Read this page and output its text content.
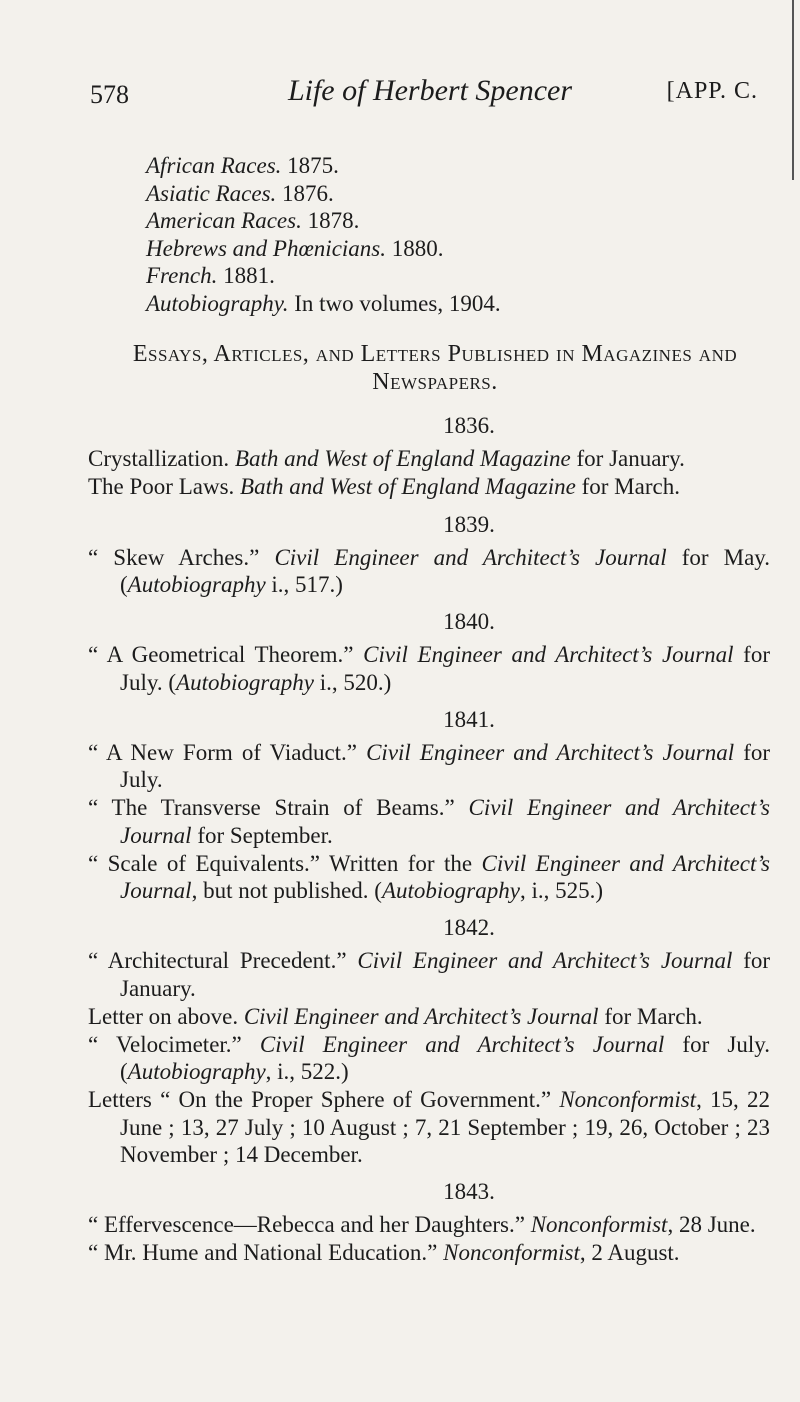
578	Life of Herbert Spencer	[APP. C.
African Races. 1875.
Asiatic Races. 1876.
American Races. 1878.
Hebrews and Phœnicians. 1880.
French. 1881.
Autobiography. In two volumes, 1904.
Essays, Articles, and Letters Published in Magazines and
Newspapers.
1836.

Crystallization. Bath and West of England Magazine for January.

The Poor Laws. Bath and West of England Magazine for March.

1839.

“ Skew Arches.” Civil Engineer and Architect’s Journal for May. (Autobiography i., 517.)

1840.

“ A Geometrical Theorem.” Civil Engineer and Architect’s Journal for July. (Autobiography i., 520.)

1841.

“ A New Form of Viaduct.” Civil Engineer and Architect’s Journal for July.

“ The Transverse Strain of Beams.” Civil Engineer and Architect’s Journal for September.

“ Scale of Equivalents.” Written for the Civil Engineer and Architect’s Journal, but not published. (Autobiography, i., 525.)

1842.

“ Architectural Precedent.” Civil Engineer and Architect’s Journal for January.

Letter on above. Civil Engineer and Architect’s Journal for March.

“ Velocimeter.” Civil Engineer and Architect’s Journal for July. (Autobiography, i., 522.)

Letters “ On the Proper Sphere of Government.” Nonconformist, 15, 22 June ; 13, 27 July ; 10 August ; 7, 21 September ; 19, 26, October ; 23 November ; 14 December.

1843.

“ Effervescence—Rebecca and her Daughters.” Nonconformist, 28 June.

“ Mr. Hume and National Education.” Nonconformist, 2 August.
